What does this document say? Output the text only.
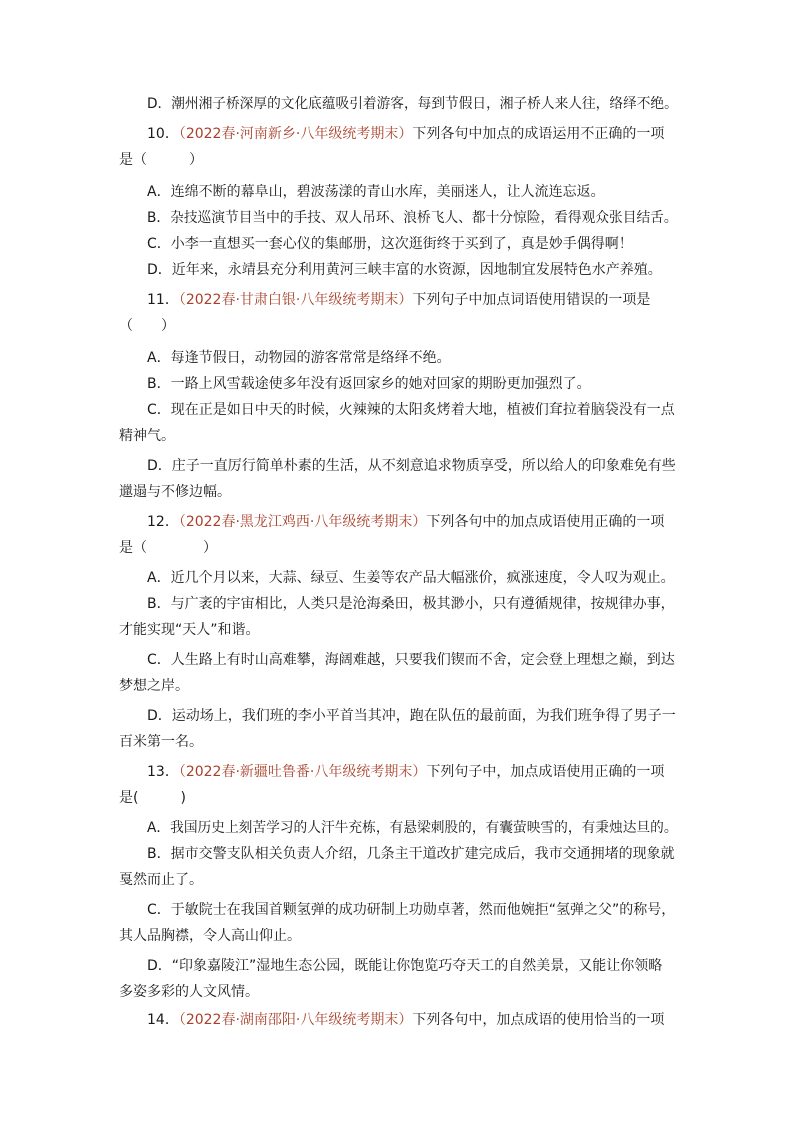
D．潮州湘子桥深厚的文化底蕴吸引着游客，每到节假日，湘子桥人来人往，络绎不绝。
10．（2022春·河南新乡·八年级统考期末）下列各句中加点的成语运用不正确的一项
是（　　　）
A．连绵不断的幕阜山，碧波荡漾的青山水库，美丽迷人，让人流连忘返。
B．杂技巡演节目当中的手技、双人吊环、浪桥飞人、都十分惊险，看得观众张目结舌。
C．小李一直想买一套心仪的集邮册，这次逛街终于买到了，真是妙手偶得啊！
D．近年来，永靖县充分利用黄河三峡丰富的水资源，因地制宜发展特色水产养殖。
11．（2022春·甘肃白银·八年级统考期末）下列句子中加点词语使用错误的一项是
（　　）
A．每逢节假日，动物园的游客常常是络绎不绝。
B．一路上风雪载途使多年没有返回家乡的她对回家的期盼更加强烈了。
C．现在正是如日中天的时候，火辣辣的太阳炙烤着大地，植被们耷拉着脑袋没有一点
精神气。
D．庄子一直厉行简单朴素的生活，从不刻意追求物质享受，所以给人的印象难免有些
邋遢与不修边幅。
12．（2022春·黑龙江鸡西·八年级统考期末）下列各句中的加点成语使用正确的一项
是（　　　　）
A．近几个月以来，大蒜、绿豆、生姜等农产品大幅涨价，疯涨速度，令人叹为观止。
B．与广袤的宇宙相比，人类只是沧海桑田，极其渺小，只有遵循规律，按规律办事，
才能实现“天人”和谐。
C．人生路上有时山高难攀，海阔难越，只要我们锲而不舍，定会登上理想之巅，到达
梦想之岸。
D．运动场上，我们班的李小平首当其冲，跑在队伍的最前面，为我们班争得了男子一
百米第一名。
13．（2022春·新疆吐鲁番·八年级统考期末）下列句子中，加点成语使用正确的一项
是(　　　)
A．我国历史上刻苦学习的人汗牛充栋，有悬梁刺股的，有囊萤映雪的，有秉烛达旦的。
B．据市交警支队相关负责人介绍，几条主干道改扩建完成后，我市交通拥堵的现象就
戛然而止了。
C．于敏院士在我国首颗氢弹的成功研制上功勋卓著，然而他婉拒“氢弹之父”的称号，
其人品胸襟，令人高山仰止。
D．“印象嘉陵江”湿地生态公园，既能让你饱览巧夺天工的自然美景，又能让你领略
多姿多彩的人文风情。
14．（2022春·湖南邵阳·八年级统考期末）下列各句中，加点成语的使用恰当的一项
